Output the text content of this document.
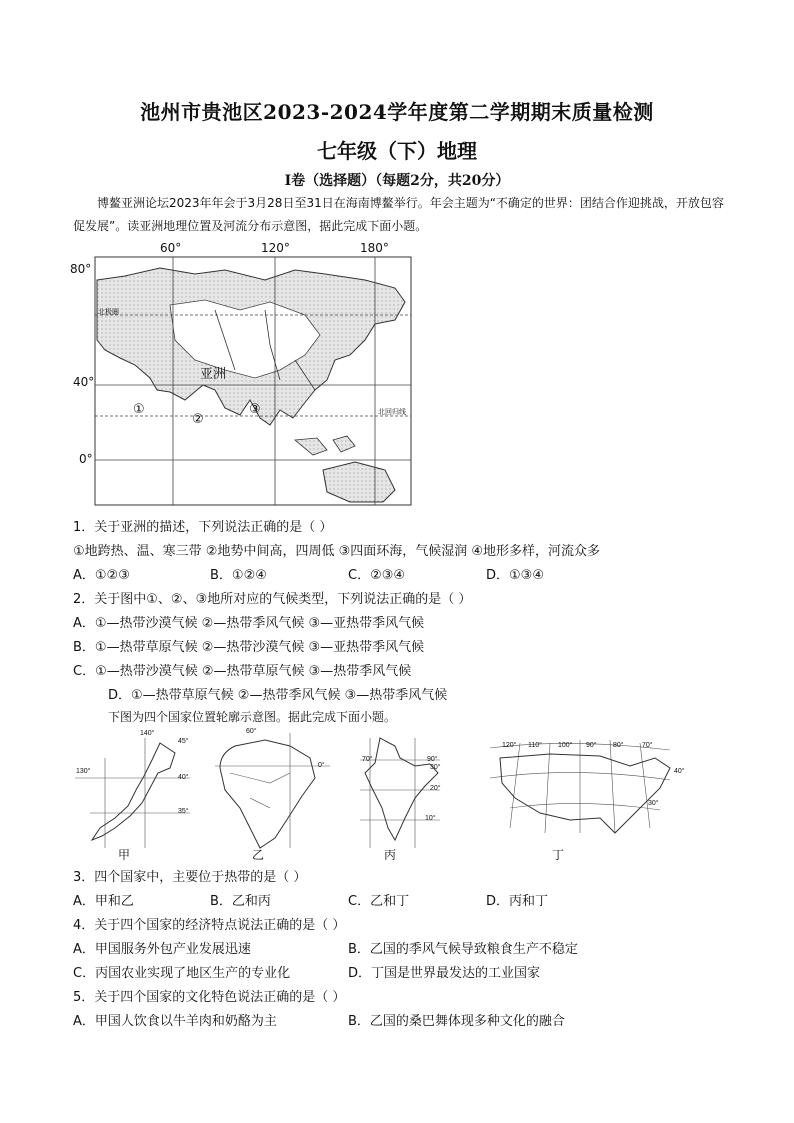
池州市贵池区2023-2024学年度第二学期期末质量检测
七年级（下）地理
I卷（选择题）（每题2分，共20分）
博鳌亚洲论坛2023年年会于3月28日至31日在海南博鳌举行。年会主题为“不确定的世界：团结合作迎挑战，开放包容促发展”。读亚洲地理位置及河流分布示意图，据此完成下面小题。
60°	120°	180°
80°
40°
0°
北极圈
北回归线
亚洲
①
②
③
1．关于亚洲的描述，下列说法正确的是（ ）
①地跨热、温、寒三带 ②地势中间高，四周低 ③四面环海，气候湿润 ④地形多样，河流众多
A．①②③	B．①②④	C．②③④	D．①③④
2．关于图中①、②、③地所对应的气候类型，下列说法正确的是（ ）
A．①—热带沙漠气候 ②—热带季风气候 ③—亚热带季风气候
B．①—热带草原气候 ②—热带沙漠气候 ③—亚热带季风气候
C．①—热带沙漠气候 ②—热带草原气候 ③—热带季风气候
D．①—热带草原气候 ②—热带季风气候 ③—热带季风气候
下图为四个国家位置轮廓示意图。据此完成下面小题。
140°
45°
130°
40°
35°
60°
0°
70°	90°
30°
20°
10°
120° 110° 100° 90° 80°	70°
40°
30°
甲	乙	丙	丁
3．四个国家中，主要位于热带的是（ ）
A．甲和乙	B．乙和丙	C．乙和丁	D．丙和丁
4．关于四个国家的经济特点说法正确的是（ ）
A．甲国服务外包产业发展迅速	B．乙国的季风气候导致粮食生产不稳定
C．丙国农业实现了地区生产的专业化	D．丁国是世界最发达的工业国家
5．关于四个国家的文化特色说法正确的是（ ）
A．甲国人饮食以牛羊肉和奶酪为主	B．乙国的桑巴舞体现多种文化的融合
